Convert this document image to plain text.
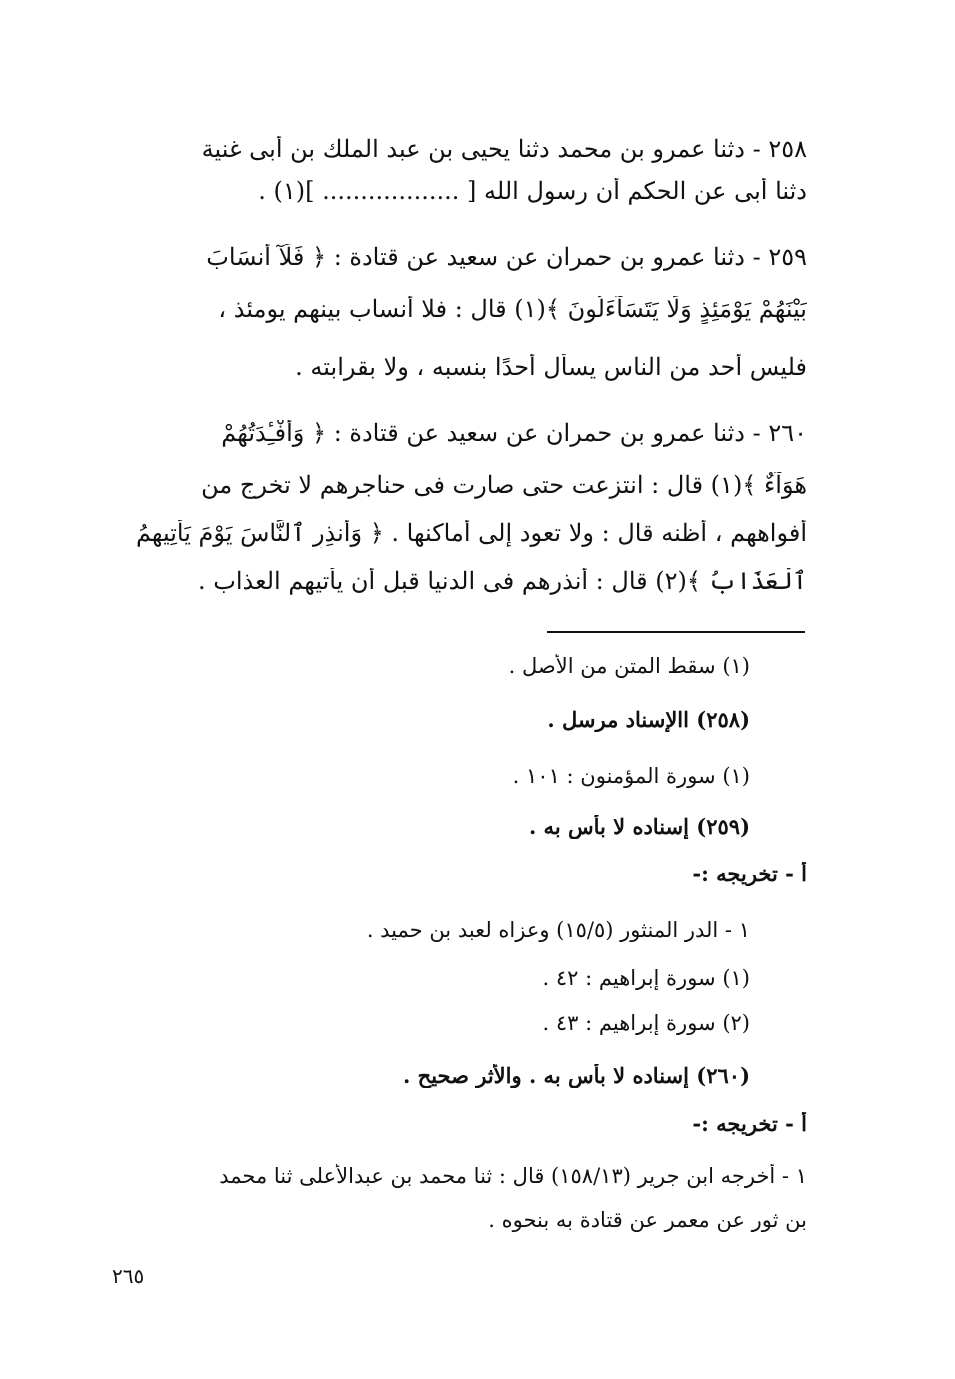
٢٥٨ - دثنا عمرو بن محمد دثنا يحيى بن عبد الملك بن أبى غنية
دثنا أبى عن الحكم أن رسول الله [ .................. ](١) .
٢٥٩ - دثنا عمرو بن حمران عن سعيد عن قتادة : ﴿ فَلَآ أَنسَابَ
بَيْنَهُمْ يَوْمَئِذٍ وَلَا يَتَسَآءَلُونَ ﴾(١) قال : فلا أنساب بينهم يومئذ ،
فليس أحد من الناس يسأل أحدًا بنسبه ، ولا بقرابته .
٢٦٠ - دثنا عمرو بن حمران عن سعيد عن قتادة : ﴿ وَأَفْـِٔدَتُهُمْ
هَوَآءٌ ﴾(١) قال : انتزعت حتى صارت فى حناجرهم لا تخرج من
أفواههم ، أظنه قال : ولا تعود إلى أماكنها . ﴿ وَأَنذِرِ ٱلنَّاسَ يَوْمَ يَأْتِيهِمُ
ٱلْعَذَابُ ﴾(٢) قال : أنذرهم فى الدنيا قبل أن يأتيهم العذاب .
(١) سقط المتن من الأصل .
(٢٥٨) االإسناد مرسل .
(١) سورة المؤمنون : ١٠١ .
(٢٥٩) إسناده لا بأس به .
أ - تخريجه :-
١ - الدر المنثور (١٥/٥) وعزاه لعبد بن حميد .
(١) سورة إبراهيم : ٤٢ .
(٢) سورة إبراهيم : ٤٣ .
(٢٦٠) إسناده لا بأس به . والأثر صحيح .
أ - تخريجه :-
١ - أخرجه ابن جرير (١٥٨/١٣) قال : ثنا محمد بن عبدالأعلى ثنا محمد
بن ثور عن معمر عن قتادة به بنحوه .
٢٦٥
